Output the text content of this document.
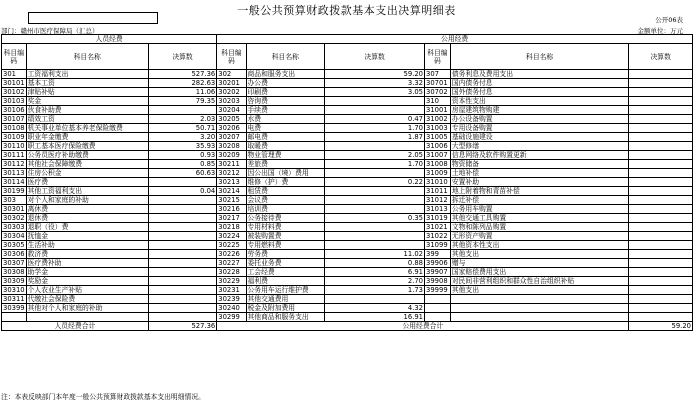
一般公共预算财政拨款基本支出决算明细表
公开06表
部门：赣州市医疗保障局（汇总）	金额单位：万元
人员经费			公用经费					
科目编码	科目名称	决算数	科目编码	科目名称	决算数	科目编码	科目名称	决算数
301	工资福利支出	527.36	302	商品和服务支出	59.20	307	债务利息及费用支出	
30101	基本工资	282.63	30201	办公费	3.32	30701	国内债务付息	
30102	津贴补贴	11.06	30202	印刷费	3.05	30702	国外债务付息	
30103	奖金	79.35	30203	咨询费		310	资本性支出	
30106	伙食补助费		30204	手续费		31001	房屋建筑物购建	
30107	绩效工资	2.03	30205	水费	0.47	31002	办公设备购置	
30108	机关事业单位基本养老保险缴费	50.71	30206	电费	1.70	31003	专用设备购置	
30109	职业年金缴费	3.20	30207	邮电费	1.87	31005	基础设施建设	
30110	职工基本医疗保险缴费	35.93	30208	取暖费		31006	大型修缮	
30111	公务员医疗补助缴费	0.93	30209	物业管理费	2.05	31007	信息网络及软件购置更新	
30112	其他社会保障缴费	0.85	30211	差旅费	1.70	31008	物资储备	
30113	住房公积金	60.63	30212	因公出国（境）费用		31009	土地补偿	
30114	医疗费		30213	维修（护）费	0.22	31010	安置补助	
30199	其他工资福利支出	0.04	30214	租赁费		31011	地上附着物和青苗补偿	
303	对个人和家庭的补助		30215	会议费		31012	拆迁补偿	
30301	离休费		30216	培训费		31013	公务用车购置	
30302	退休费		30217	公务接待费	0.35	31019	其他交通工具购置	
30303	退职（役）费		30218	专用材料费		31021	文物和陈列品购置	
30304	抚恤金		30224	被装购置费		31022	无形资产购置	
30305	生活补助		30225	专用燃料费		31099	其他资本性支出	
30306	救济费		30226	劳务费	11.02	399	其他支出	
30307	医疗费补助		30227	委托业务费	0.88	39906	赠与	
30308	助学金		30228	工会经费	6.91	39907	国家赔偿费用支出	
30309	奖励金		30229	福利费	2.70	39908	对民间非营利组织和群众性自治组织补贴	
30310	个人农业生产补贴		30231	公务用车运行维护费	1.73	39999	其他支出	
30311	代缴社会保险费		30239	其他交通费用				
30399	其他对个人和家庭的补助		30240	税金及附加费用	4.32			
			30299	其他商品和服务支出	16.91			
人员经费合计		527.36	公用经费合计					59.20
注：本表反映部门本年度一般公共预算财政拨款基本支出明细情况。
